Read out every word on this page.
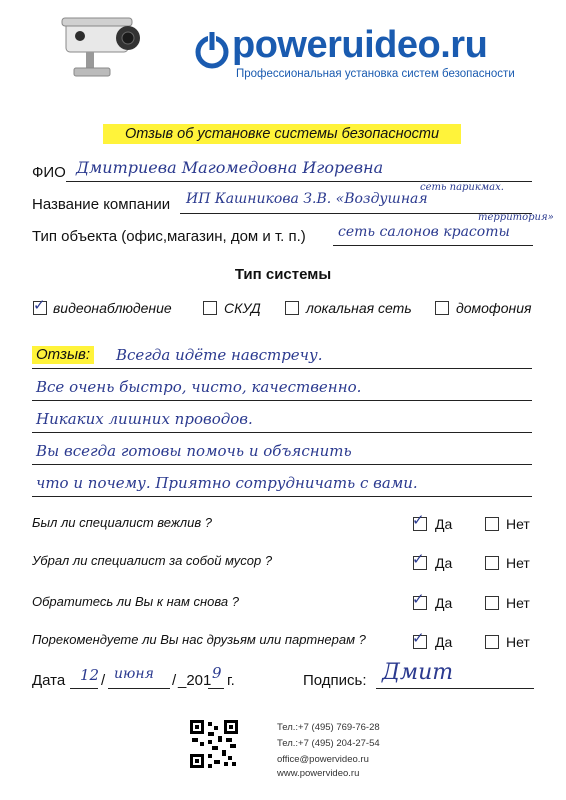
poweruideo.ru
Профессиональная установка систем безопасности
Отзыв об установке системы безопасности
ФИО Дмитриева Магомедовна Игоревна
сеть парикмах.
Название компании ИП Кашникова З.В. «Воздушная
территория»
Тип объекта (офис,магазин, дом и т. п.) сеть салонов красоты
Тип системы
✓ видеонаблюдение	СКУД	локальная сеть	домофония
Отзыв: Всегда идёте навстречу.
Все очень быстро, чисто, качественно.
Никаких лишних проводов.
Вы всегда готовы помочь и объяснить
что и почему. Приятно сотрудничать с вами.
Был ли специалист вежлив ?	✓ Да	Нет
Убрал ли специалист за собой мусор ?	✓ Да	Нет
Обратитесь ли Вы к нам снова ?	✓ Да	Нет
Порекомендуете ли Вы нас друзьям или партнерам ?	✓ Да	Нет
Дата 12 / июня / _201 9 г.	Подпись: Дмит
Тел.:+7 (495) 769-76-28
Тел.:+7 (495) 204-27-54
office@powervideo.ru
www.powervideo.ru
